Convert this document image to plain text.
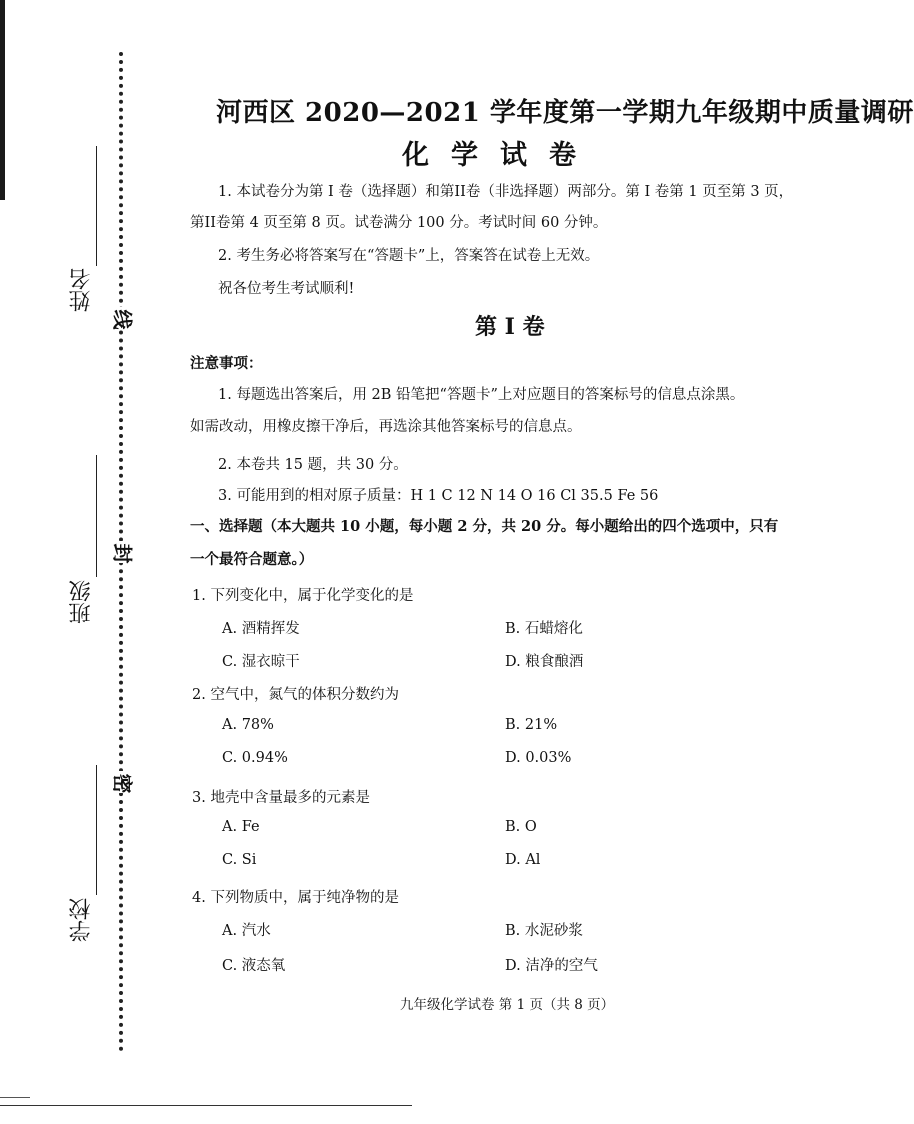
姓名
班级
学校
线
封
密
河西区 2020—2021 学年度第一学期九年级期中质量调研
化学试卷
1. 本试卷分为第 I 卷（选择题）和第II卷（非选择题）两部分。第 I 卷第 1 页至第 3 页，
第II卷第 4 页至第 8 页。试卷满分 100 分。考试时间 60 分钟。
2. 考生务必将答案写在“答题卡”上，答案答在试卷上无效。
祝各位考生考试顺利!
第 I 卷
注意事项：
1. 每题选出答案后，用 2B 铅笔把“答题卡”上对应题目的答案标号的信息点涂黑。
如需改动，用橡皮擦干净后，再选涂其他答案标号的信息点。
2. 本卷共 15 题，共 30 分。
3. 可能用到的相对原子质量：H 1 C 12 N 14 O 16 Cl 35.5 Fe 56
一、选择题（本大题共 10 小题，每小题 2 分，共 20 分。每小题给出的四个选项中，只有
一个最符合题意。）
1. 下列变化中，属于化学变化的是
A. 酒精挥发	B. 石蜡熔化
C. 湿衣晾干	D. 粮食酿酒
2. 空气中，氮气的体积分数约为
A. 78%	B. 21%
C. 0.94%	D. 0.03%
3. 地壳中含量最多的元素是
A. Fe	B. O
C. Si	D. Al
4. 下列物质中，属于纯净物的是
A. 汽水	B. 水泥砂浆
C. 液态氧	D. 洁净的空气
九年级化学试卷 第 1 页（共 8 页）
